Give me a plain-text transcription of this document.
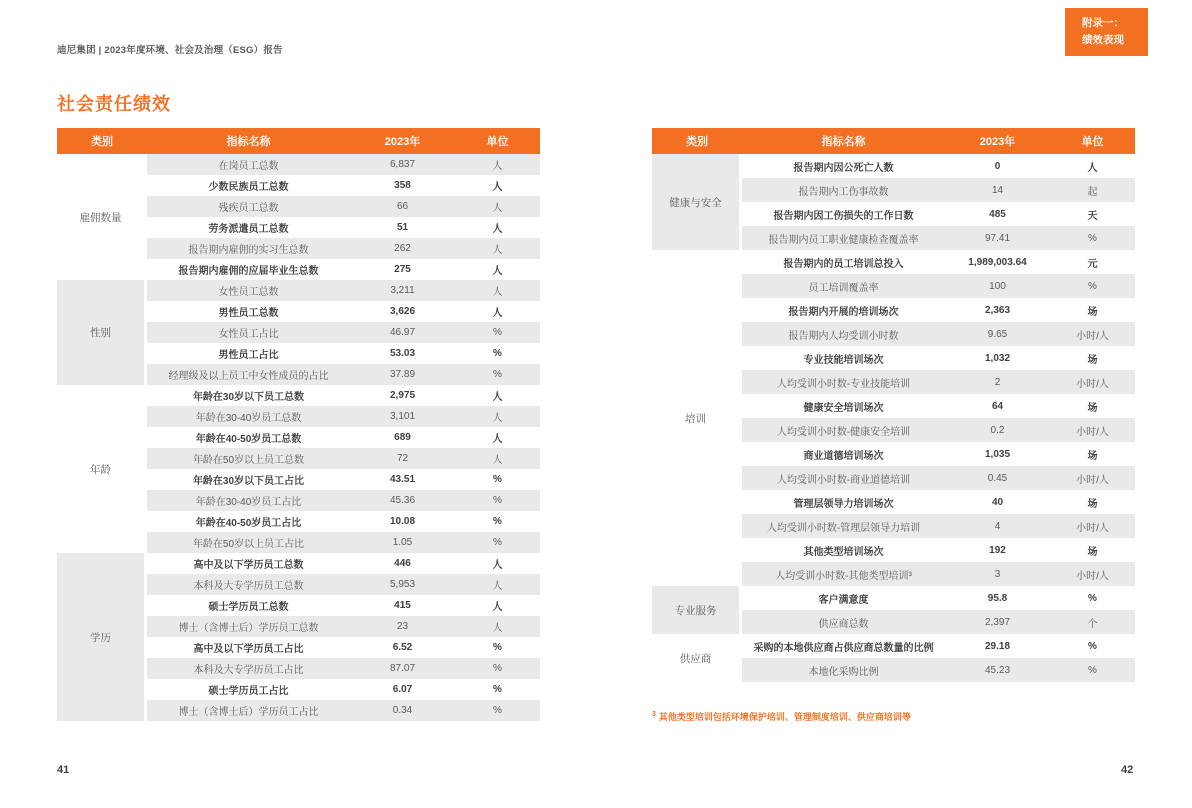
迪尼集团 | 2023年度环境、社会及治理（ESG）报告
附录一：
绩效表现
社会责任绩效
类别	指标名称	2023年	单位
雇佣数量
在岗员工总数	6,837	人
少数民族员工总数	358	人
残疾员工总数	66	人
劳务派遣员工总数	51	人
报告期内雇佣的实习生总数	262	人
报告期内雇佣的应届毕业生总数	275	人
性别
女性员工总数	3,211	人
男性员工总数	3,626	人
女性员工占比	46.97	%
男性员工占比	53.03	%
经理级及以上员工中女性成员的占比	37.89	%
年龄
年龄在30岁以下员工总数	2,975	人
年龄在30-40岁员工总数	3,101	人
年龄在40-50岁员工总数	689	人
年龄在50岁以上员工总数	72	人
年龄在30岁以下员工占比	43.51	%
年龄在30-40岁员工占比	45.36	%
年龄在40-50岁员工占比	10.08	%
年龄在50岁以上员工占比	1.05	%
学历
高中及以下学历员工总数	446	人
本科及大专学历员工总数	5,953	人
硕士学历员工总数	415	人
博士（含博士后）学历员工总数	23	人
高中及以下学历员工占比	6.52	%
本科及大专学历员工占比	87.07	%
硕士学历员工占比	6.07	%
博士（含博士后）学历员工占比	0.34	%
类别	指标名称	2023年	单位
健康与安全
报告期内因公死亡人数	0	人
报告期内工伤事故数	14	起
报告期内因工伤损失的工作日数	485	天
报告期内员工职业健康检查覆盖率	97.41	%
培训
报告期内的员工培训总投入	1,989,003.64	元
员工培训覆盖率	100	%
报告期内开展的培训场次	2,363	场
报告期内人均受训小时数	9.65	小时/人
专业技能培训场次	1,032	场
人均受训小时数-专业技能培训	2	小时/人
健康安全培训场次	64	场
人均受训小时数-健康安全培训	0.2	小时/人
商业道德培训场次	1,035	场
人均受训小时数-商业道德培训	0.45	小时/人
管理层领导力培训场次	40	场
人均受训小时数-管理层领导力培训	4	小时/人
其他类型培训场次	192	场
人均受训小时数-其他类型培训³	3	小时/人
专业服务
客户满意度	95.8	%
供应商总数	2,397	个
供应商
采购的本地供应商占供应商总数量的比例	29.18	%
本地化采购比例	45.23	%
$^3$ 其他类型培训包括环境保护培训、管理制度培训、供应商培训等
41	42
